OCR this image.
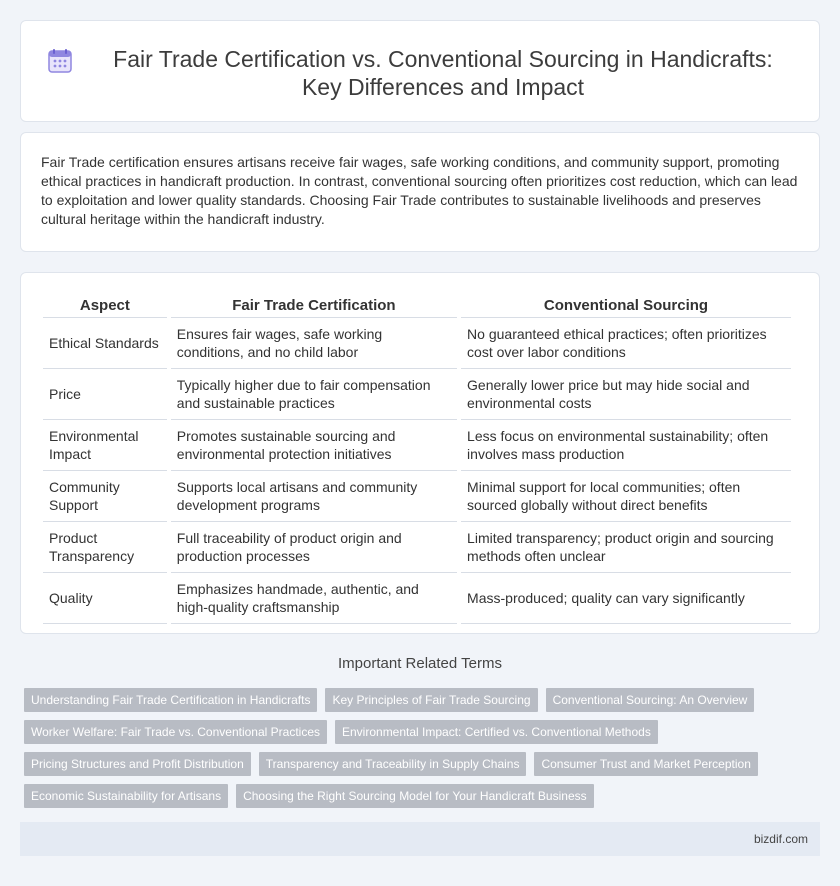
Fair Trade Certification vs. Conventional Sourcing in Handicrafts: Key Differences and Impact

Fair Trade certification ensures artisans receive fair wages, safe working conditions, and community support, promoting ethical practices in handicraft production. In contrast, conventional sourcing often prioritizes cost reduction, which can lead to exploitation and lower quality standards. Choosing Fair Trade contributes to sustainable livelihoods and preserves cultural heritage within the handicraft industry.

Aspect	Fair Trade Certification	Conventional Sourcing
Ethical Standards	Ensures fair wages, safe working conditions, and no child labor	No guaranteed ethical practices; often prioritizes cost over labor conditions
Price	Typically higher due to fair compensation and sustainable practices	Generally lower price but may hide social and environmental costs
Environmental Impact	Promotes sustainable sourcing and environmental protection initiatives	Less focus on environmental sustainability; often involves mass production
Community Support	Supports local artisans and community development programs	Minimal support for local communities; often sourced globally without direct benefits
Product Transparency	Full traceability of product origin and production processes	Limited transparency; product origin and sourcing methods often unclear
Quality	Emphasizes handmade, authentic, and high-quality craftsmanship	Mass-produced; quality can vary significantly
Important Related Terms
Understanding Fair Trade Certification in Handicrafts	Key Principles of Fair Trade Sourcing	Conventional Sourcing: An Overview
Worker Welfare: Fair Trade vs. Conventional Practices	Environmental Impact: Certified vs. Conventional Methods
Pricing Structures and Profit Distribution	Transparency and Traceability in Supply Chains	Consumer Trust and Market Perception
Economic Sustainability for Artisans	Choosing the Right Sourcing Model for Your Handicraft Business
bizdif.com
